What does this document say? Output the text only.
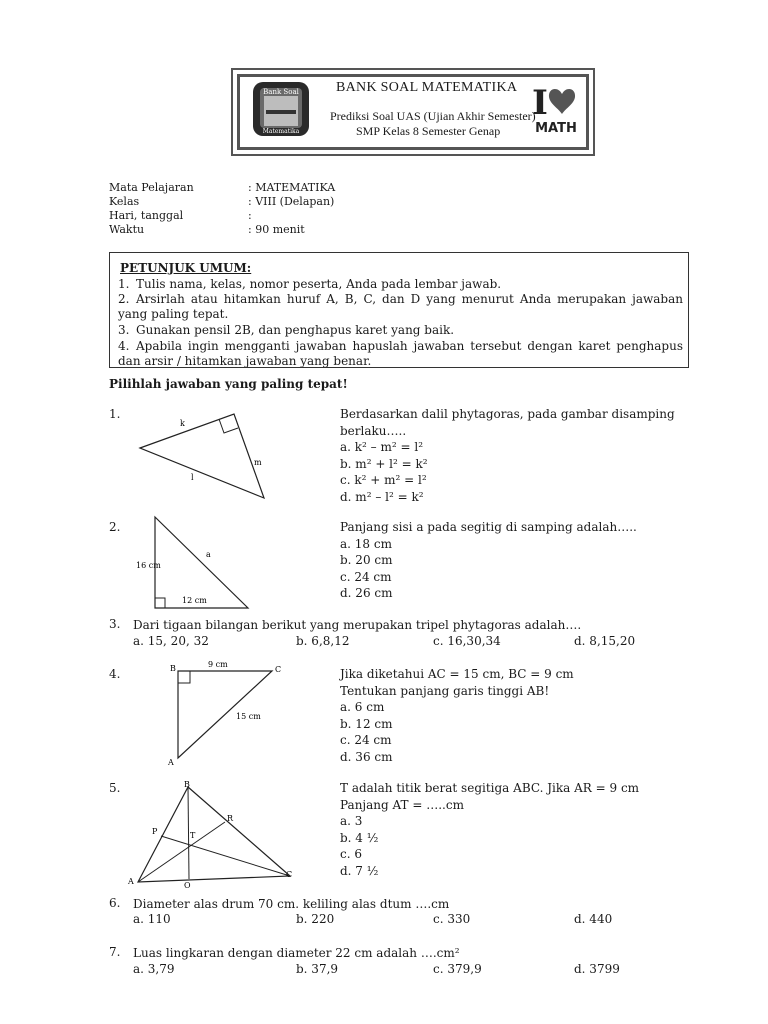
Bank Soal
Matematika
BANK SOAL MATEMATIKA
Prediksi Soal UAS (Ujian Akhir Semester)
SMP Kelas 8 Semester Genap
I
MATH
Mata Pelajaran	: MATEMATIKA
Kelas	: VIII (Delapan)
Hari, tanggal	:
Waktu	: 90 menit
PETUNJUK UMUM:
1. Tulis nama, kelas, nomor peserta, Anda pada lembar jawab.
2. Arsirlah atau hitamkan huruf A, B, C, dan D yang menurut Anda merupakan jawaban yang paling tepat.
3. Gunakan pensil 2B, dan penghapus karet yang baik.
4. Apabila ingin mengganti jawaban hapuslah jawaban tersebut dengan karet penghapus dan arsir / hitamkan jawaban yang benar.
Pilihlah jawaban yang paling tepat!
1.
k
m
l
Berdasarkan dalil phytagoras, pada gambar disamping
berlaku…..
a. k² – m² = l²
b. m² + l² = k²
c. k² + m² = l²
d. m² – l² = k²
2.
16 cm
12 cm
a
Panjang sisi a pada segitig di samping adalah…..
a. 18 cm
b. 20 cm
c. 24 cm
d. 26 cm
3. Dari tigaan bilangan berikut yang merupakan tripel phytagoras adalah….
a. 15, 20, 32	b. 6,8,12	c. 16,30,34	d. 8,15,20
4.	B	C
A
9 cm
15 cm
Jika diketahui AC = 15 cm, BC = 9 cm
Tentukan panjang garis tinggi AB!
a. 6 cm
b. 12 cm
c. 24 cm
d. 36 cm
5.	B
A
C
P
R
T
Q
T adalah titik berat segitiga ABC. Jika AR = 9 cm
Panjang AT = …..cm
a. 3
b. 4 ½
c. 6
d. 7 ½
6. Diameter alas drum 70 cm. keliling alas dtum ….cm
a. 110	b. 220	c. 330	d. 440
7. Luas lingkaran dengan diameter 22 cm adalah ….cm²
a. 3,79	b. 37,9	c. 379,9	d. 3799
